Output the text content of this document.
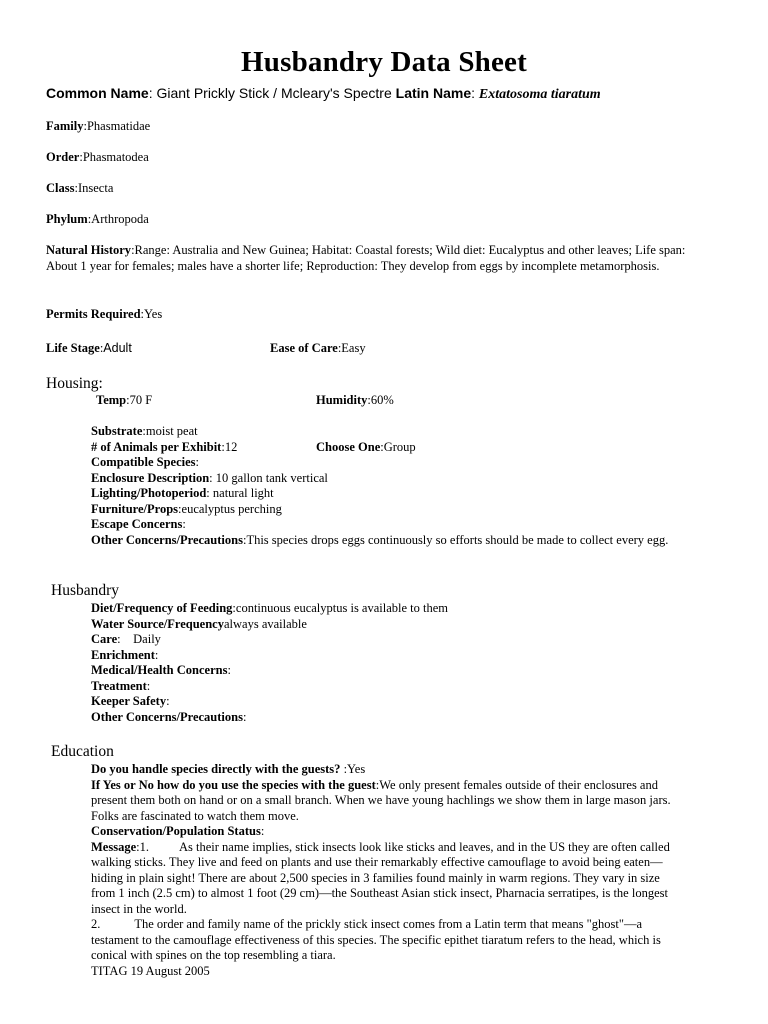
Husbandry Data Sheet
Common Name: Giant Prickly Stick / Mcleary's Spectre Latin Name: Extatosoma tiaratum
Family:Phasmatidae
Order:Phasmatodea
Class:Insecta
Phylum:Arthropoda
Natural History:Range: Australia and New Guinea; Habitat: Coastal forests; Wild diet: Eucalyptus and other leaves; Life span: About 1 year for females; males have a shorter life; Reproduction: They develop from eggs by incomplete metamorphosis.
Permits Required:Yes
Life Stage:Adult	Ease of Care:Easy
Housing:
Temp:70 F	Humidity:60%
Substrate:moist peat
# of Animals per Exhibit:12	Choose One:Group
Compatible Species:
Enclosure Description: 10 gallon tank vertical
Lighting/Photoperiod: natural light
Furniture/Props:eucalyptus perching
Escape Concerns:
Other Concerns/Precautions:This species drops eggs continuously so efforts should be made to collect every egg.
Husbandry
Diet/Frequency of Feeding:continuous eucalyptus is available to them
Water Source/Frequencyalways available
Care:    Daily
Enrichment:
Medical/Health Concerns:
Treatment:
Keeper Safety:
Other Concerns/Precautions:
Education
Do you handle species directly with the guests? :Yes
If Yes or No how do you use the species with the guest:We only present females outside of their enclosures and present them both on hand or on a small branch. When we have young hachlings we show them in large mason jars. Folks are fascinated to watch them move.
Conservation/Population Status:
Message:1. As their name implies, stick insects look like sticks and leaves, and in the US they are often called walking sticks. They live and feed on plants and use their remarkably effective camouflage to avoid being eaten—hiding in plain sight! There are about 2,500 species in 3 families found mainly in warm regions. They vary in size from 1 inch (2.5 cm) to almost 1 foot (29 cm)—the Southeast Asian stick insect, Pharnacia serratipes, is the longest insect in the world.
2.	The order and family name of the prickly stick insect comes from a Latin term that means "ghost"—a testament to the camouflage effectiveness of this species. The specific epithet tiaratum refers to the head, which is conical with spines on the top resembling a tiara.
TITAG 19 August 2005
